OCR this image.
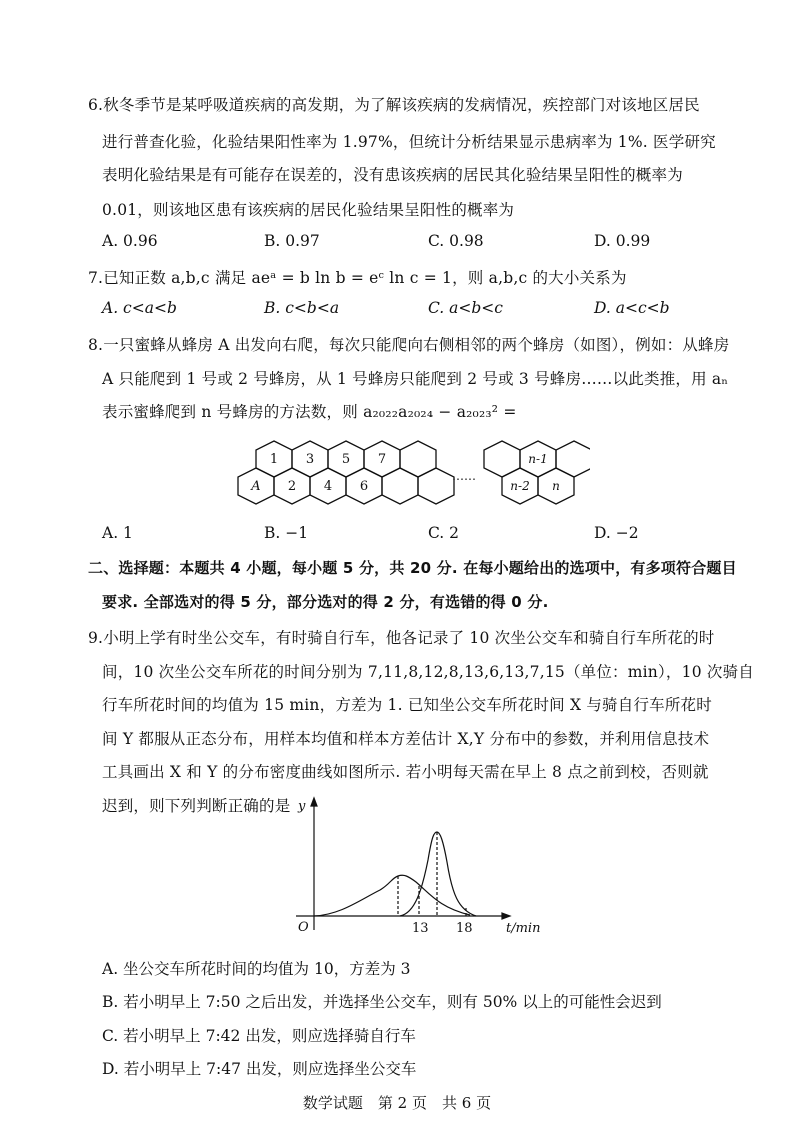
6.秋冬季节是某呼吸道疾病的高发期，为了解该疾病的发病情况，疾控部门对该地区居民
进行普查化验，化验结果阳性率为 1.97%，但统计分析结果显示患病率为 1%. 医学研究
表明化验结果是有可能存在误差的，没有患该疾病的居民其化验结果呈阳性的概率为
0.01，则该地区患有该疾病的居民化验结果呈阳性的概率为
A. 0.96	B. 0.97	C. 0.98	D. 0.99
7.已知正数 a,b,c 满足 aeᵃ = b ln b = eᶜ ln c = 1，则 a,b,c 的大小关系为
A. c<a<b	B. c<b<a	C. a<b<c	D. a<c<b
8.一只蜜蜂从蜂房 A 出发向右爬，每次只能爬向右侧相邻的两个蜂房（如图），例如：从蜂房
A 只能爬到 1 号或 2 号蜂房，从 1 号蜂房只能爬到 2 号或 3 号蜂房……以此类推，用 aₙ
表示蜜蜂爬到 n 号蜂房的方法数，则 a₂₀₂₂a₂₀₂₄ − a₂₀₂₃² =
1 3 5 7
A 2 4 6
n-1
n-2 n
……
A. 1	B. −1	C. 2	D. −2
二、选择题：本题共 4 小题，每小题 5 分，共 20 分. 在每小题给出的选项中，有多项符合题目
要求. 全部选对的得 5 分，部分选对的得 2 分，有选错的得 0 分.
9.小明上学有时坐公交车，有时骑自行车，他各记录了 10 次坐公交车和骑自行车所花的时
间，10 次坐公交车所花的时间分别为 7,11,8,12,8,13,6,13,7,15（单位：min），10 次骑自
行车所花时间的均值为 15 min，方差为 1. 已知坐公交车所花时间 X 与骑自行车所花时
间 Y 都服从正态分布，用样本均值和样本方差估计 X,Y 分布中的参数，并利用信息技术
工具画出 X 和 Y 的分布密度曲线如图所示. 若小明每天需在早上 8 点之前到校，否则就
迟到，则下列判断正确的是 y
O	13 18	t/min
A. 坐公交车所花时间的均值为 10，方差为 3
B. 若小明早上 7:50 之后出发，并选择坐公交车，则有 50% 以上的可能性会迟到
C. 若小明早上 7:42 出发，则应选择骑自行车
D. 若小明早上 7:47 出发，则应选择坐公交车
数学试题　第 2 页　共 6 页
